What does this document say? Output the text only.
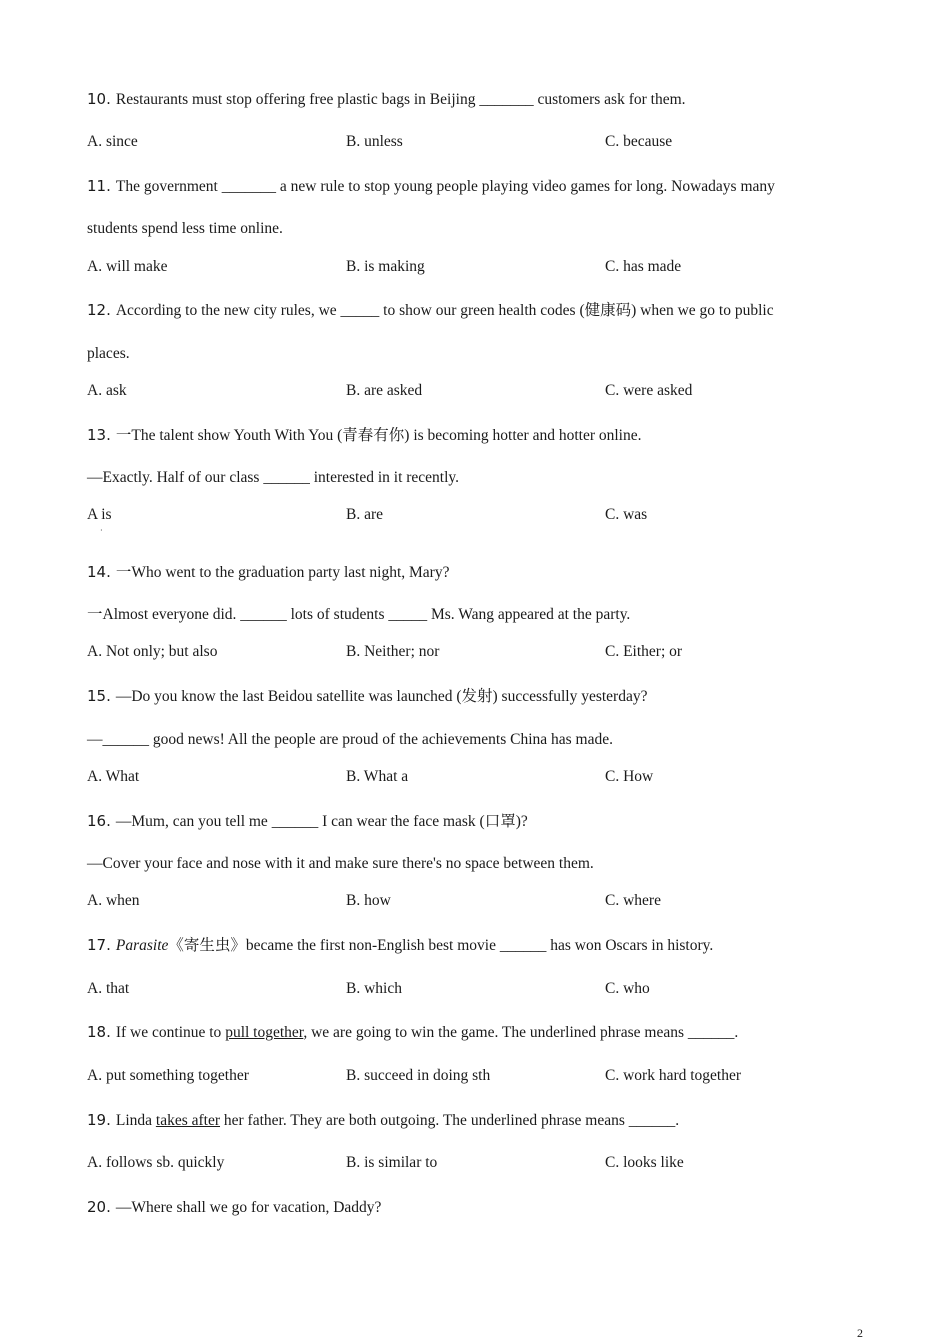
10. Restaurants must stop offering free plastic bags in Beijing _______ customers ask for them.
A. since	B. unless	C. because
11. The government _______ a new rule to stop young people playing video games for long. Nowadays many
students spend less time online.
A. will make	B. is making	C. has made
12. According to the new city rules, we _____ to show our green health codes (健康码) when we go to public
places.
A. ask	B. are asked	C. were asked
13. 一The talent show Youth With You (青春有你) is becoming hotter and hotter online.
—Exactly. Half of our class ______ interested in it recently.
A is	B. are	C. was
·
14. 一Who went to the graduation party last night, Mary?
一Almost everyone did. ______ lots of students _____ Ms. Wang appeared at the party.
A. Not only; but also	B. Neither; nor	C. Either; or
15. —Do you know the last Beidou satellite was launched (发射) successfully yesterday?
—______ good news! All the people are proud of the achievements China has made.
A. What	B. What a	C. How
16. —Mum, can you tell me ______ I can wear the face mask (口罩)?
—Cover your face and nose with it and make sure there's no space between them.
A. when	B. how	C. where
17. Parasite《寄生虫》became the first non-English best movie ______ has won Oscars in history.
A. that	B. which	C. who
18. If we continue to pull together, we are going to win the game. The underlined phrase means ______.
A. put something together	B. succeed in doing sth	C. work hard together
19. Linda takes after her father. They are both outgoing. The underlined phrase means ______.
A. follows sb. quickly	B. is similar to	C. looks like
20. —Where shall we go for vacation, Daddy?
2
